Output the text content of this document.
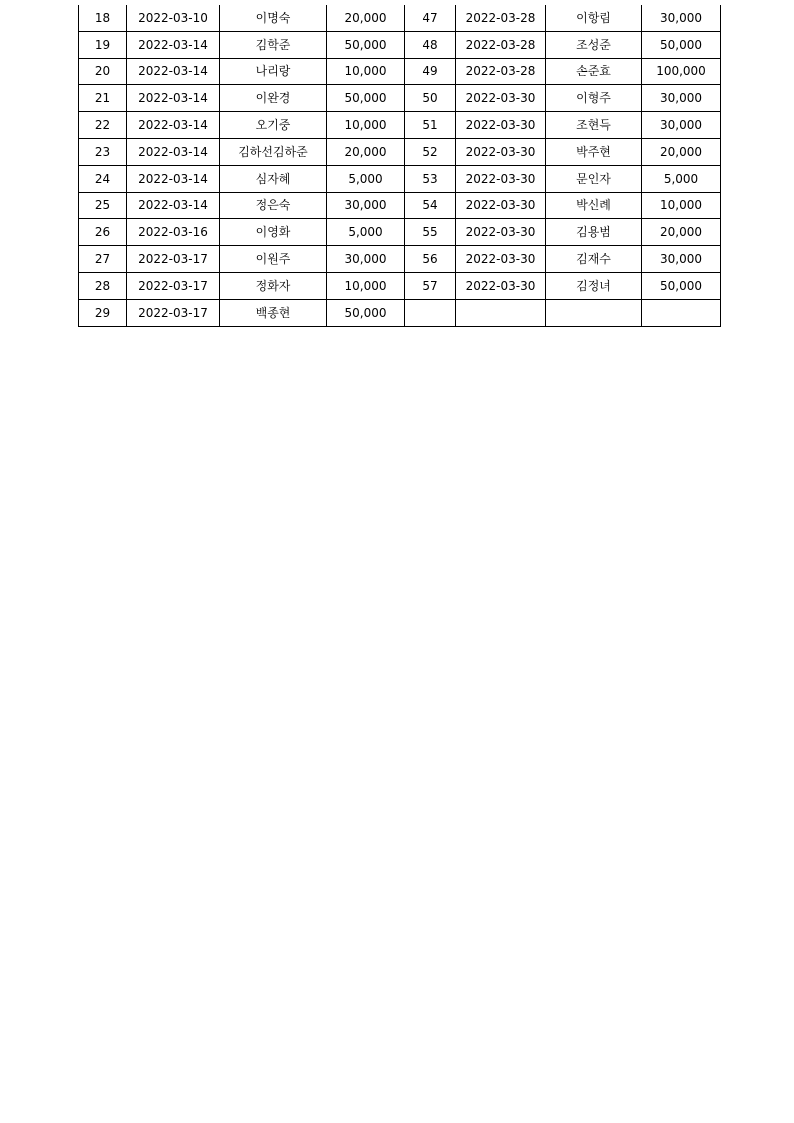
18	2022-03-10	이명숙	20,000	47	2022-03-28	이항림	30,000
19	2022-03-14	김학준	50,000	48	2022-03-28	조성준	50,000
20	2022-03-14	나리랑	10,000	49	2022-03-28	손준효	100,000
21	2022-03-14	이완경	50,000	50	2022-03-30	이형주	30,000
22	2022-03-14	오기중	10,000	51	2022-03-30	조현득	30,000
23	2022-03-14	김하선김하준	20,000	52	2022-03-30	박주현	20,000
24	2022-03-14	심자혜	5,000	53	2022-03-30	문인자	5,000
25	2022-03-14	정은숙	30,000	54	2022-03-30	박신례	10,000
26	2022-03-16	이영화	5,000	55	2022-03-30	김용범	20,000
27	2022-03-17	이원주	30,000	56	2022-03-30	김재수	30,000
28	2022-03-17	정화자	10,000	57	2022-03-30	김정녀	50,000
29	2022-03-17	백종현	50,000				
